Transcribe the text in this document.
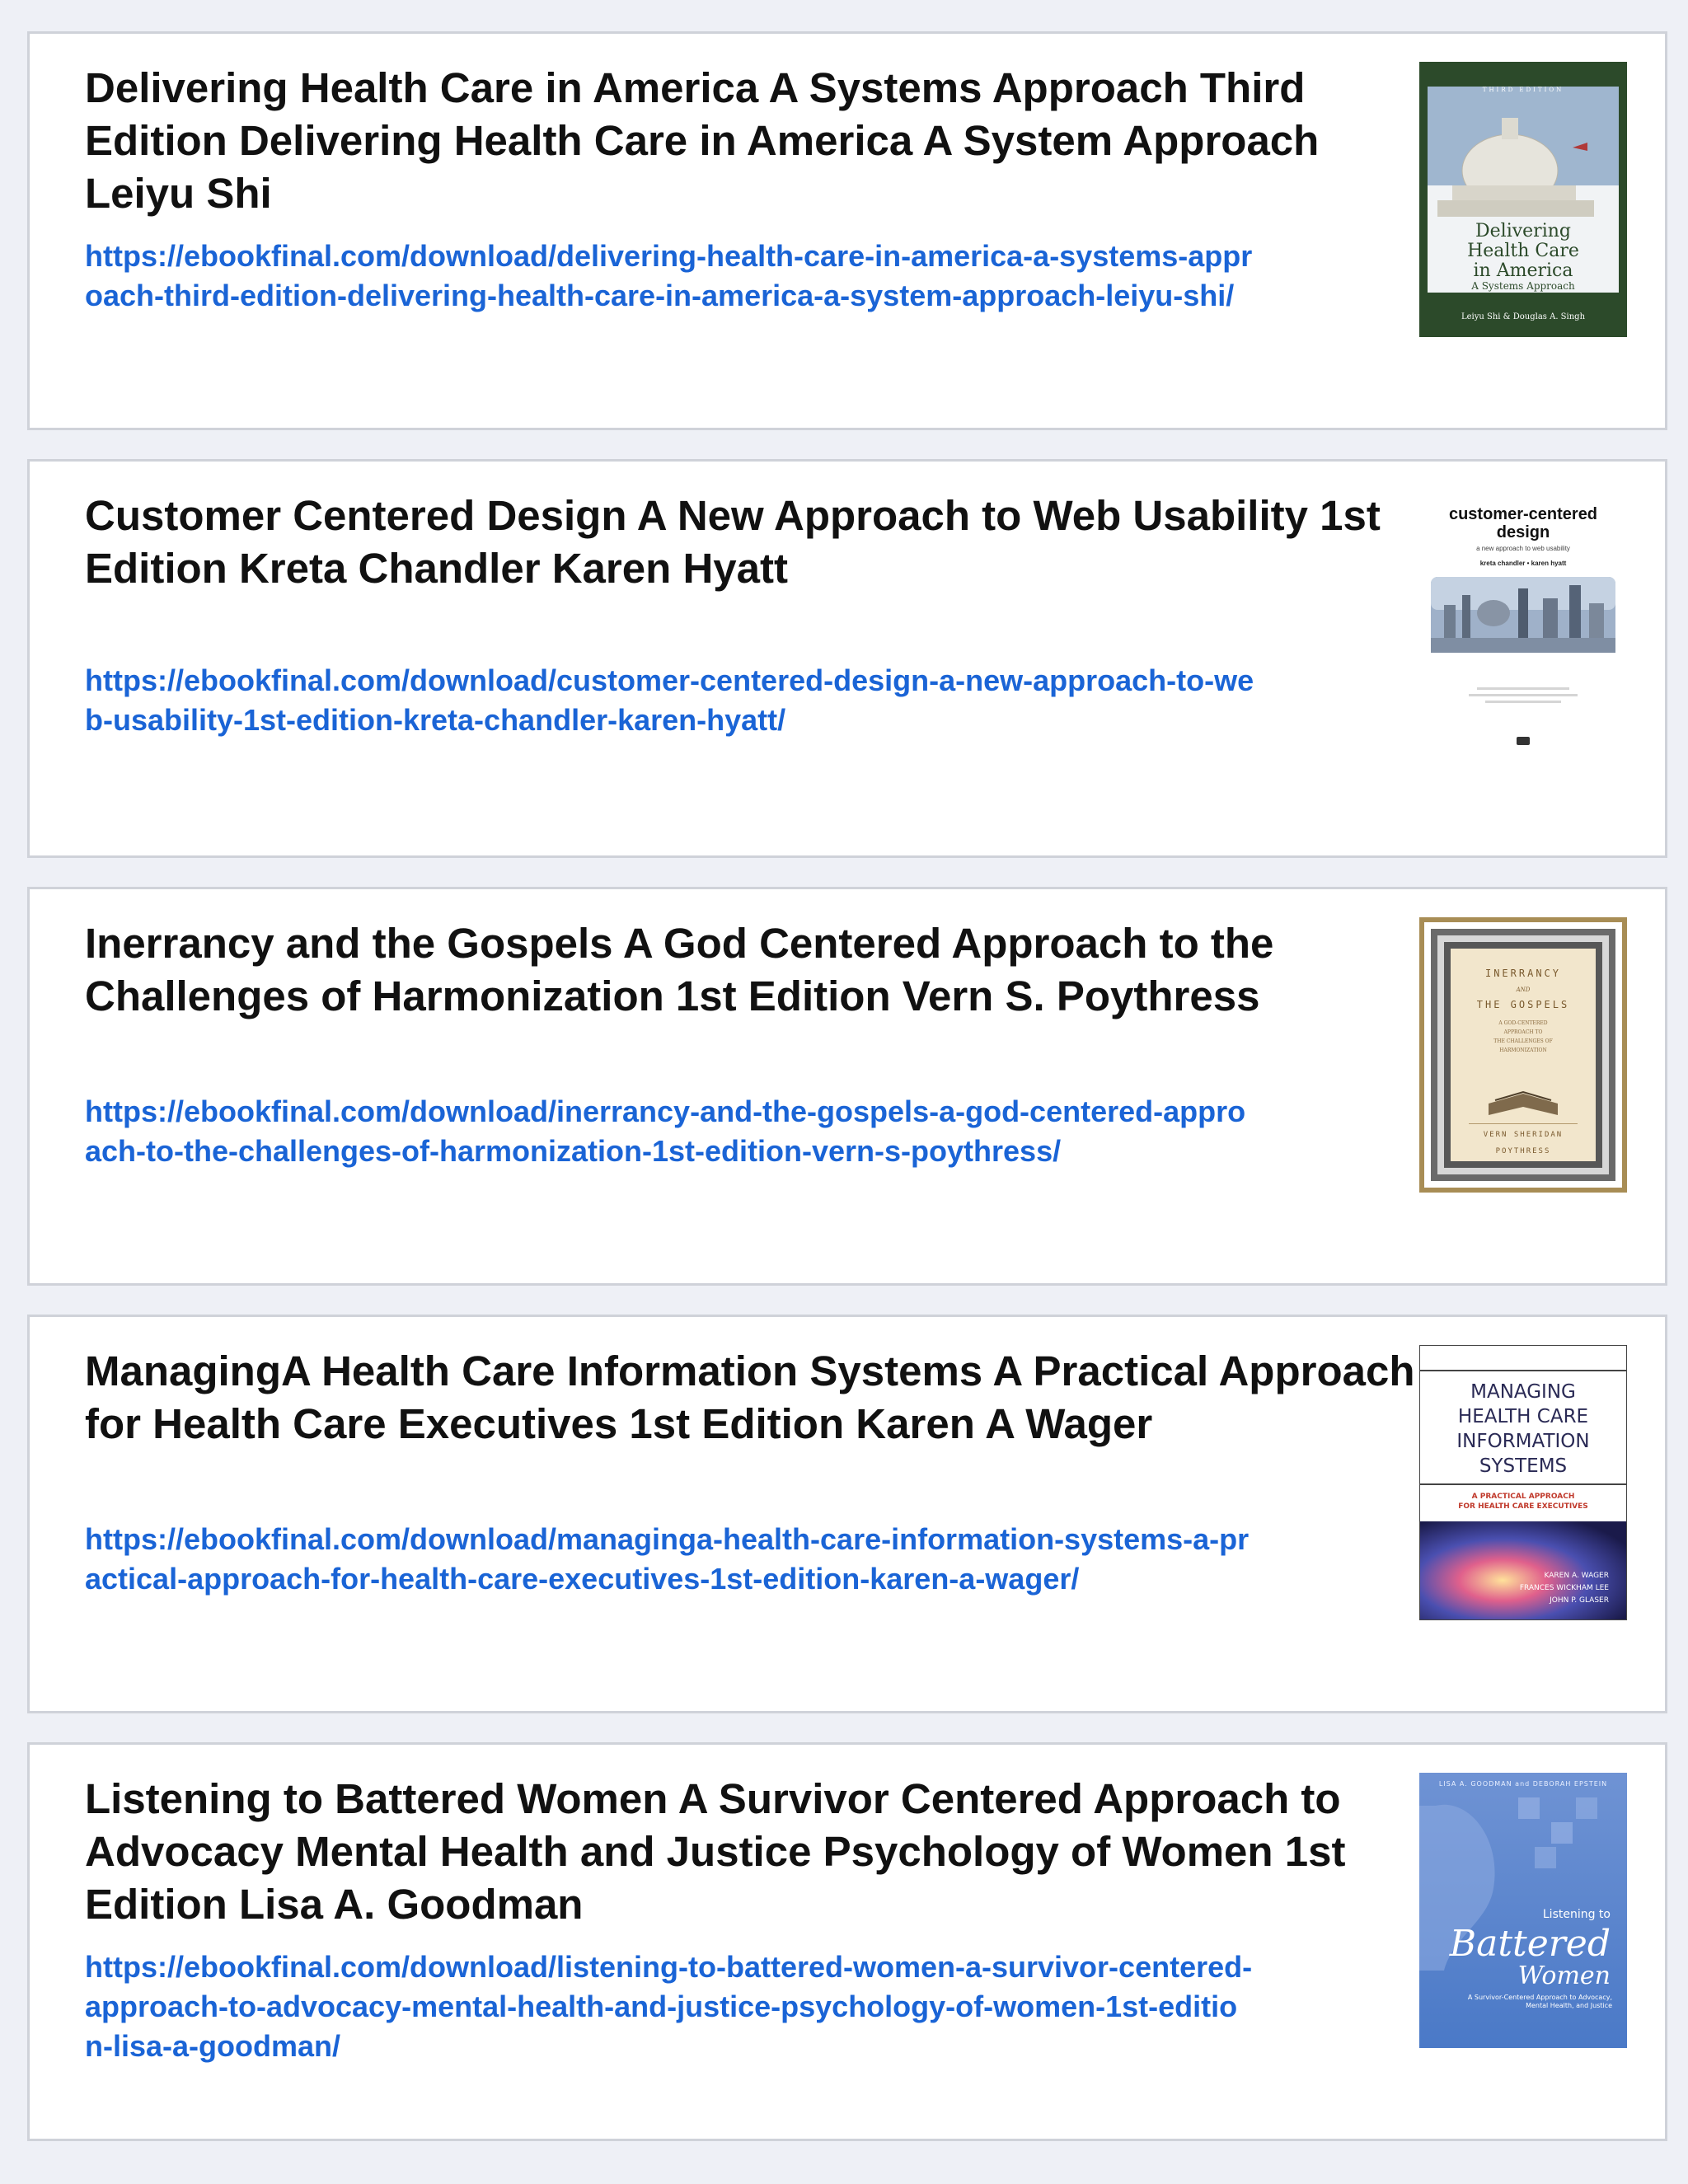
Delivering Health Care in America A Systems Approach Third Edition Delivering Health Care in America A System Approach Leiyu Shi
https://ebookfinal.com/download/delivering-health-care-in-america-a-systems-approach-third-edition-delivering-health-care-in-america-a-system-approach-leiyu-shi/
THIRD EDITION
Delivering
Health Care
in America
A Systems Approach
Leiyu Shi & Douglas A. Singh
Customer Centered Design A New Approach to Web Usability 1st Edition Kreta Chandler Karen Hyatt
https://ebookfinal.com/download/customer-centered-design-a-new-approach-to-web-usability-1st-edition-kreta-chandler-karen-hyatt/
customer-centered
design
a new approach to web usability
kreta chandler • karen hyatt
Inerrancy and the Gospels A God Centered Approach to the Challenges of Harmonization 1st Edition Vern S. Poythress
https://ebookfinal.com/download/inerrancy-and-the-gospels-a-god-centered-approach-to-the-challenges-of-harmonization-1st-edition-vern-s-poythress/
INERRANCY
AND
THE GOSPELS
A GOD-CENTERED
APPROACH TO
THE CHALLENGES OF
HARMONIZATION
VERN SHERIDAN
POYTHRESS
ManagingA Health Care Information Systems A Practical Approach for Health Care Executives 1st Edition Karen A Wager
https://ebookfinal.com/download/managinga-health-care-information-systems-a-practical-approach-for-health-care-executives-1st-edition-karen-a-wager/
MANAGING
HEALTH CARE
INFORMATION
SYSTEMS
A PRACTICAL APPROACH
FOR HEALTH CARE EXECUTIVES
KAREN A. WAGER
FRANCES WICKHAM LEE
JOHN P. GLASER
Listening to Battered Women A Survivor Centered Approach to Advocacy Mental Health and Justice Psychology of Women 1st Edition Lisa A. Goodman
https://ebookfinal.com/download/listening-to-battered-women-a-survivor-centered-approach-to-advocacy-mental-health-and-justice-psychology-of-women-1st-edition-lisa-a-goodman/
LISA A. GOODMAN and DEBORAH EPSTEIN
Listening to
Battered
Women
A Survivor-Centered Approach to Advocacy, Mental Health, and Justice
